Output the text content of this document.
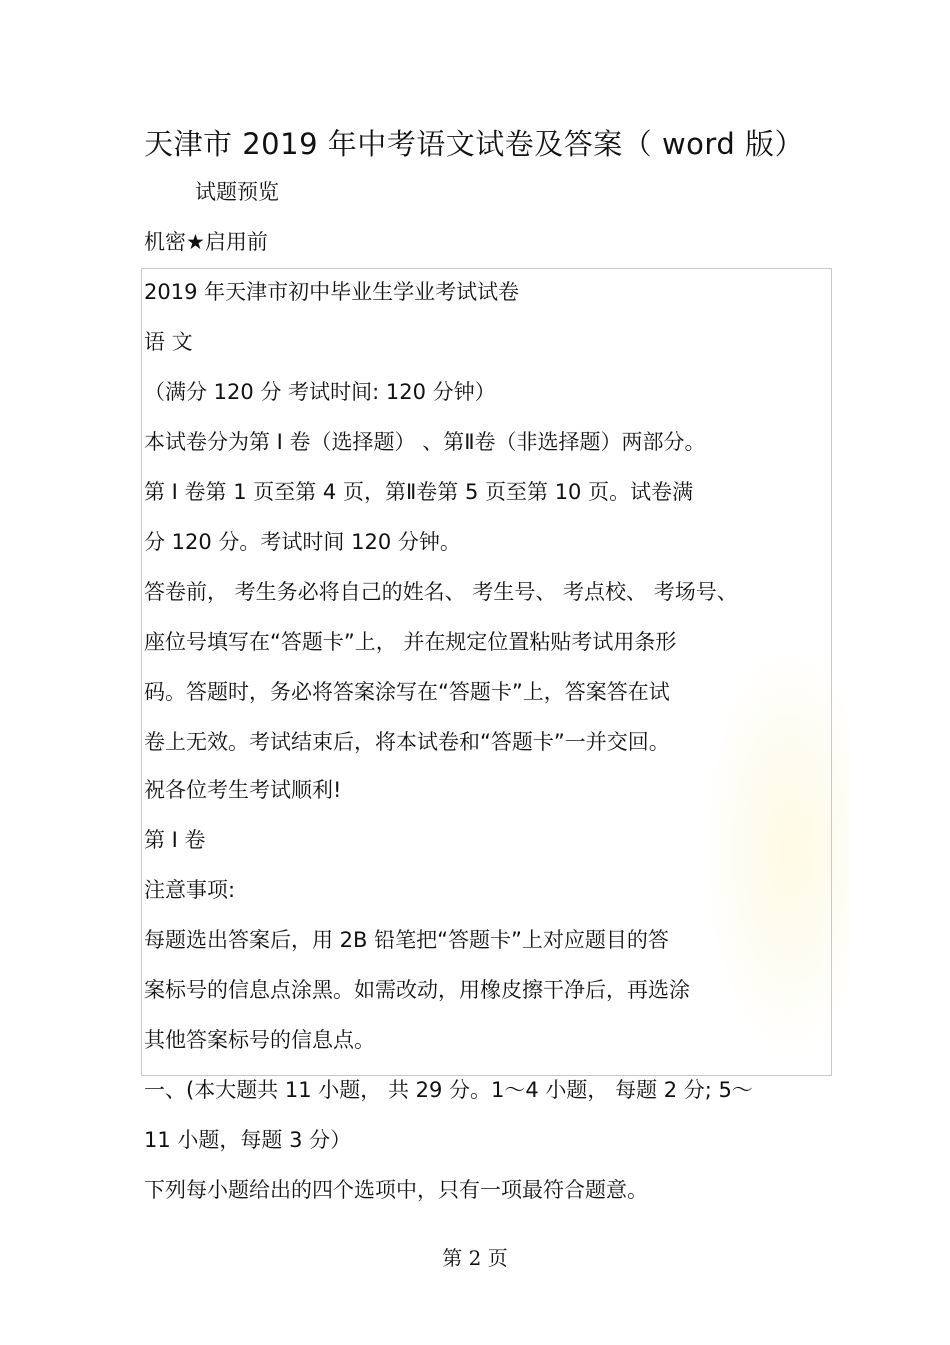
天津市 2019 年中考语文试卷及答案（ word 版）
试题预览
机密★启用前
2019 年天津市初中毕业生学业考试试卷
语 文
（满分 120 分 考试时间: 120 分钟）
本试卷分为第 I 卷（选择题） 、第Ⅱ卷（非选择题）两部分。
第 I 卷第 1 页至第 4 页，第Ⅱ卷第 5 页至第 10 页。试卷满
分 120 分。考试时间 120 分钟。
答卷前， 考生务必将自己的姓名、 考生号、 考点校、 考场号、
座位号填写在“答题卡”上， 并在规定位置粘贴考试用条形
码。答题时，务必将答案涂写在“答题卡”上，答案答在试
卷上无效。考试结束后，将本试卷和“答题卡”一并交回。
祝各位考生考试顺利!
第 I 卷
注意事项:
每题选出答案后，用 2B 铅笔把“答题卡”上对应题目的答
案标号的信息点涂黑。如需改动，用橡皮擦干净后，再选涂
其他答案标号的信息点。
一、(本大题共 11 小题， 共 29 分。1～4 小题， 每题 2 分; 5～
11 小题，每题 3 分）
下列每小题给出的四个选项中，只有一项最符合题意。
第 2 页
